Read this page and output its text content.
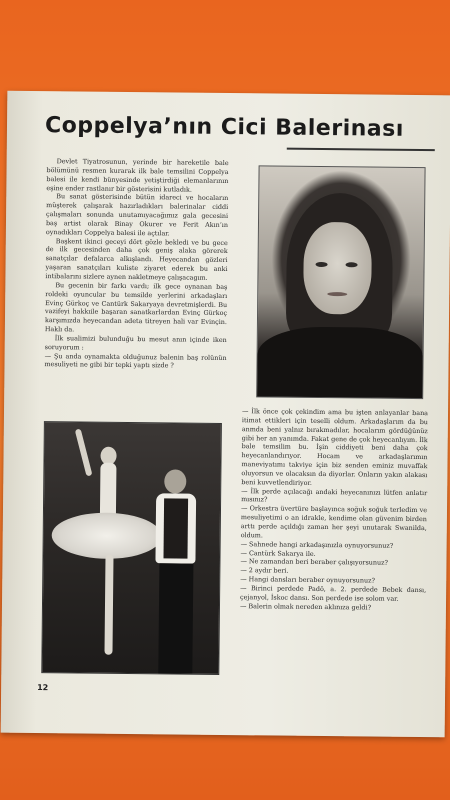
Coppelya’nın Cici Balerinası

Devlet Tiyatrosunun, yerinde bir hareketile bale bölümünü resmen kurarak ilk bale temsilini Coppelya balesi ile kendi bünyesinde yetiştirdiği elemanlarının eşine ender rastlanır bir gösterisini kutladık.

Bu sanat gösterisinde bütün idareci ve hocaların müşterek çalışarak hazırladıkları balerinalar ciddi çalışmaları sonunda unutamıyacağımız gala gecesini baş artist olarak Binay Okurer ve Ferit Akın’ın oynadıkları Coppelya balesi ile açtılar.

Başkent ikinci geceyi dört gözle bekledi ve bu gece de ilk gecesinden daha çok geniş alaka görerek sanatçılar defalarca alkışlandı. Heyecandan gözleri yaşaran sanatçıları kuliste ziyaret ederek bu anki intibalarını sizlere aynen nakletmeye çalışacagım.

Bu gecenin bir farkı vardı; ilk gece oynanan baş roldeki oyuncular bu temsilde yerlerini arkadaşları Evinç Gürkoç ve Cantürk Sakaryaya devretmişlerdi. Bu vazifeyi hakkıile başaran sanatkarlardan Evinç Gürkoç karşımızda heyecandan adeta titreyen hali var Evinçin. Haklı da.

İlk sualimizi bulunduğu bu mesut anın içinde iken soruyorum :

— Şu anda oynamakta olduğunuz balenin baş rolünün mesuliyeti ne gibi bir tepki yaptı sizde ?

— İlk önce çok çekindim ama bu işten anlayanlar bana itimat ettikleri için teselli oldum. Arkadaşlarım da bu anmda beni yalnız bırakmadılar, hocalarım gördüğünüz gibi her an yanımda. Fakat gene de çok heyecanlıyım. İlk bale temsilim bu. İşin ciddiyeti beni daha çok heyecanlandırıyor. Hocam ve arkadaşlarımın maneviyatımı takviye için biz senden eminiz muvaffak oluyorsun ve olacaksın da diyorlar. Onların yakın alakası beni kuvvetlendiriyor.

— İlk perde açılacağı andaki heyecanınızı lütfen anlatır mısınız?

— Orkestra üvertüre başlayınca soğuk soğuk terledim ve mesuliyetimi o an idrakle, kendime olan güvenim birden arttı perde açıldığı zaman her şeyi unutarak Swanilda, oldum.

— Sahnede hangi arkadaşınızla oynuyorsunuz?

— Cantürk Sakarya ile.

— Ne zamandan beri beraber çalışıyorsunuz?

— 2 aydır beri.

— Hangi dansları beraber oynuyorsunuz?

— Birinci perdede Padö, a. 2. perdede Bebek dansı, çejanyol, İskoc dansı. Son perdede ise solom var.

— Balerin olmak nereden aklınıza geldi?

12
